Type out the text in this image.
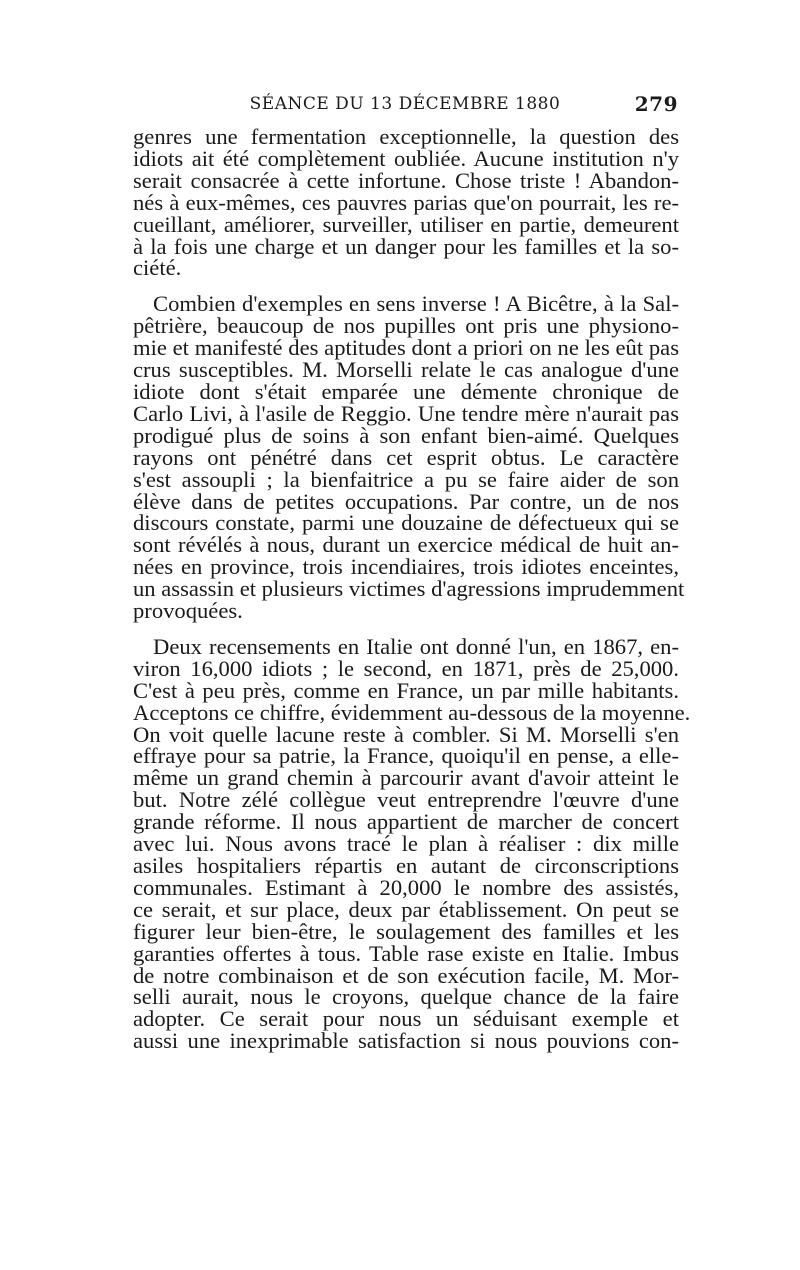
SÉANCE DU 13 DÉCEMBRE 1880	279

genres une fermentation exceptionnelle, la question des
idiots ait été complètement oubliée. Aucune institution n'y
serait consacrée à cette infortune. Chose triste ! Abandon-
nés à eux-mêmes, ces pauvres parias que'on pourrait, les re-
cueillant, améliorer, surveiller, utiliser en partie, demeurent
à la fois une charge et un danger pour les familles et la so-
ciété.

Combien d'exemples en sens inverse ! A Bicêtre, à la Sal-
pêtrière, beaucoup de nos pupilles ont pris une physiono-
mie et manifesté des aptitudes dont a priori on ne les eût pas
crus susceptibles. M. Morselli relate le cas analogue d'une
idiote dont s'était emparée une démente chronique de
Carlo Livi, à l'asile de Reggio. Une tendre mère n'aurait pas
prodigué plus de soins à son enfant bien-aimé. Quelques
rayons ont pénétré dans cet esprit obtus. Le caractère
s'est assoupli ; la bienfaitrice a pu se faire aider de son
élève dans de petites occupations. Par contre, un de nos
discours constate, parmi une douzaine de défectueux qui se
sont révélés à nous, durant un exercice médical de huit an-
nées en province, trois incendiaires, trois idiotes enceintes,
un assassin et plusieurs victimes d'agressions imprudemment
provoquées.

Deux recensements en Italie ont donné l'un, en 1867, en-
viron 16,000 idiots ; le second, en 1871, près de 25,000.
C'est à peu près, comme en France, un par mille habitants.
Acceptons ce chiffre, évidemment au-dessous de la moyenne.
On voit quelle lacune reste à combler. Si M. Morselli s'en
effraye pour sa patrie, la France, quoiqu'il en pense, a elle-
même un grand chemin à parcourir avant d'avoir atteint le
but. Notre zélé collègue veut entreprendre l'œuvre d'une
grande réforme. Il nous appartient de marcher de concert
avec lui. Nous avons tracé le plan à réaliser : dix mille
asiles hospitaliers répartis en autant de circonscriptions
communales. Estimant à 20,000 le nombre des assistés,
ce serait, et sur place, deux par établissement. On peut se
figurer leur bien-être, le soulagement des familles et les
garanties offertes à tous. Table rase existe en Italie. Imbus
de notre combinaison et de son exécution facile, M. Mor-
selli aurait, nous le croyons, quelque chance de la faire
adopter. Ce serait pour nous un séduisant exemple et
aussi une inexprimable satisfaction si nous pouvions con-
